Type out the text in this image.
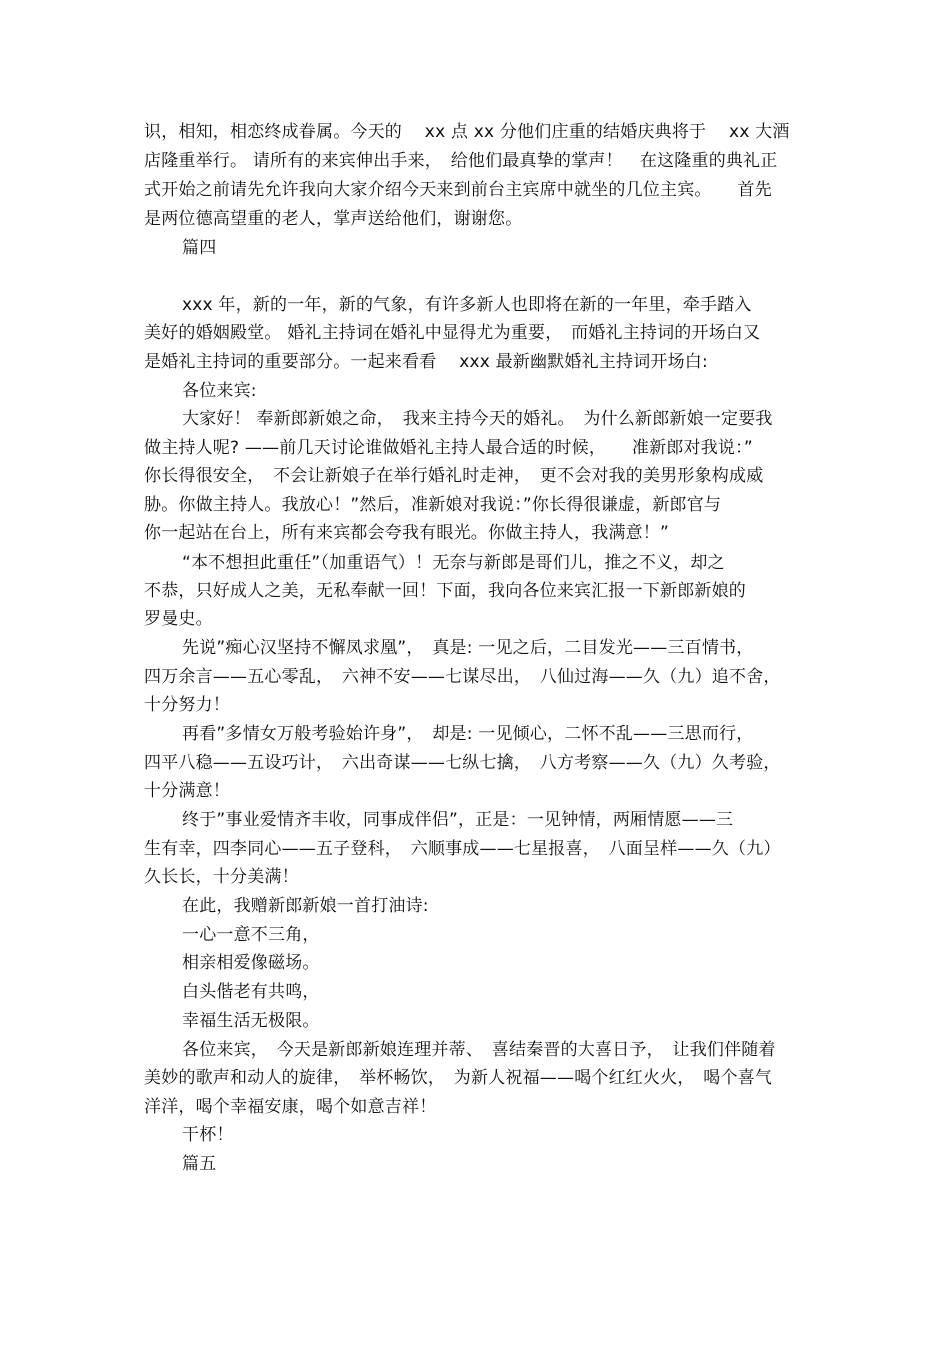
识，相知，相恋终成眷属。今天的　 xx 点 xx 分他们庄重的结婚庆典将于　 xx 大酒
店隆重举行。 请所有的来宾伸出手来，　给他们最真挚的掌声！　在这隆重的典礼正
式开始之前请先允许我向大家介绍今天来到前台主宾席中就坐的几位主宾。　　首先
是两位德高望重的老人，掌声送给他们，谢谢您。
篇四
xxx 年，新的一年，新的气象，有许多新人也即将在新的一年里，牵手踏入
美好的婚姻殿堂。 婚礼主持词在婚礼中显得尤为重要，　而婚礼主持词的开场白又
是婚礼主持词的重要部分。一起来看看　 xxx 最新幽默婚礼主持词开场白:
各位来宾:
大家好！ 奉新郎新娘之命，　我来主持今天的婚礼。　为什么新郎新娘一定要我
做主持人呢? ——前几天讨论谁做婚礼主持人最合适的时候，　　准新郎对我说：”
你长得很安全，　不会让新娘子在举行婚礼时走神，　更不会对我的美男形象构成威
胁。你做主持人。我放心！”然后，准新娘对我说：”你长得很谦虚，新郎官与
你一起站在台上，所有来宾都会夸我有眼光。你做主持人，我满意！”
“本不想担此重任”（加重语气）！无奈与新郎是哥们儿，推之不义，却之
不恭，只好成人之美，无私奉献一回！下面，我向各位来宾汇报一下新郎新娘的
罗曼史。
先说”痴心汉坚持不懈凤求凰”，　真是: 一见之后，二目发光——三百情书，
四万余言——五心零乱，　六神不安——七谋尽出，　八仙过海——久（九）追不舍，
十分努力！
再看”多情女万般考验始许身”，　却是: 一见倾心，二怀不乱——三思而行，
四平八稳——五设巧计，　六出奇谋——七纵七擒，　八方考察——久（九）久考验，
十分满意！
终于”事业爱情齐丰收，同事成伴侣”，正是：一见钟情，两厢情愿——三
生有幸，四李同心——五子登科，　六顺事成——七星报喜，　八面呈样——久（九）
久长长，十分美满！
在此，我赠新郎新娘一首打油诗:
一心一意不三角，
相亲相爱像磁场。
白头偕老有共鸣，
幸福生活无极限。
各位来宾，　今天是新郎新娘连理并蒂、　喜结秦晋的大喜日予，　让我们伴随着
美妙的歌声和动人的旋律，　举杯畅饮，　为新人祝福——喝个红红火火，　喝个喜气
洋洋，喝个幸福安康，喝个如意吉祥！
干杯！
篇五
